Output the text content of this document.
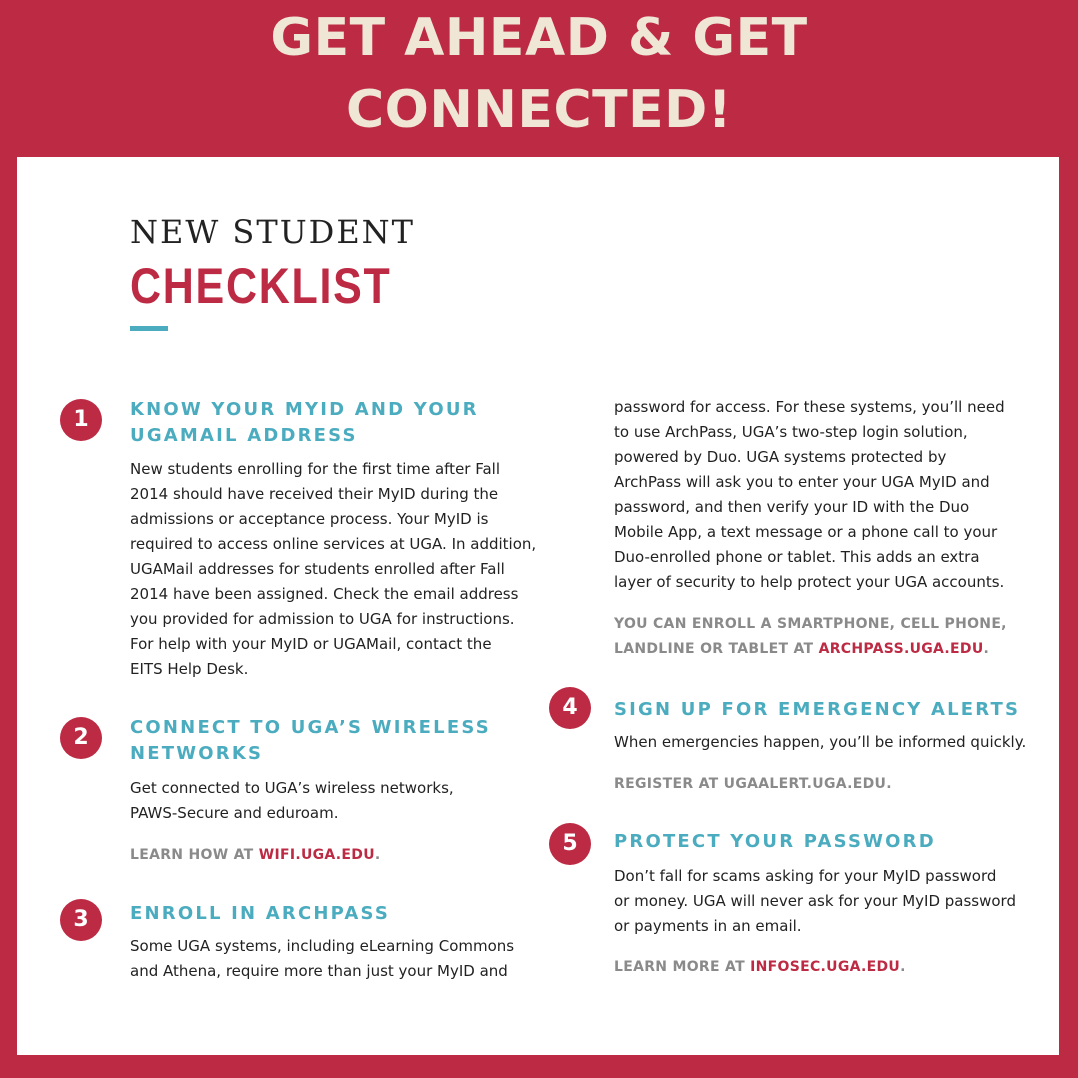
GET AHEAD & GET
CONNECTED!
NEW STUDENT
CHECKLIST
1	KNOW YOUR MYID AND YOUR
UGAMAIL ADDRESS
New students enrolling for the first time after Fall
2014 should have received their MyID during the
admissions or acceptance process. Your MyID is
required to access online services at UGA. In addition,
UGAMail addresses for students enrolled after Fall
2014 have been assigned. Check the email address
you provided for admission to UGA for instructions.
For help with your MyID or UGAMail, contact the
EITS Help Desk.
2	CONNECT TO UGA’S WIRELESS
NETWORKS
Get connected to UGA’s wireless networks,
PAWS-Secure and eduroam.
LEARN HOW AT WIFI.UGA.EDU.
3	ENROLL IN ARCHPASS
Some UGA systems, including eLearning Commons
and Athena, require more than just your MyID and
password for access. For these systems, you’ll need
to use ArchPass, UGA’s two-step login solution,
powered by Duo. UGA systems protected by
ArchPass will ask you to enter your UGA MyID and
password, and then verify your ID with the Duo
Mobile App, a text message or a phone call to your
Duo-enrolled phone or tablet. This adds an extra
layer of security to help protect your UGA accounts.
YOU CAN ENROLL A SMARTPHONE, CELL PHONE,
LANDLINE OR TABLET AT ARCHPASS.UGA.EDU.
4	SIGN UP FOR EMERGENCY ALERTS
When emergencies happen, you’ll be informed quickly.
REGISTER AT UGAALERT.UGA.EDU.
5	PROTECT YOUR PASSWORD
Don’t fall for scams asking for your MyID password
or money. UGA will never ask for your MyID password
or payments in an email.
LEARN MORE AT INFOSEC.UGA.EDU.
